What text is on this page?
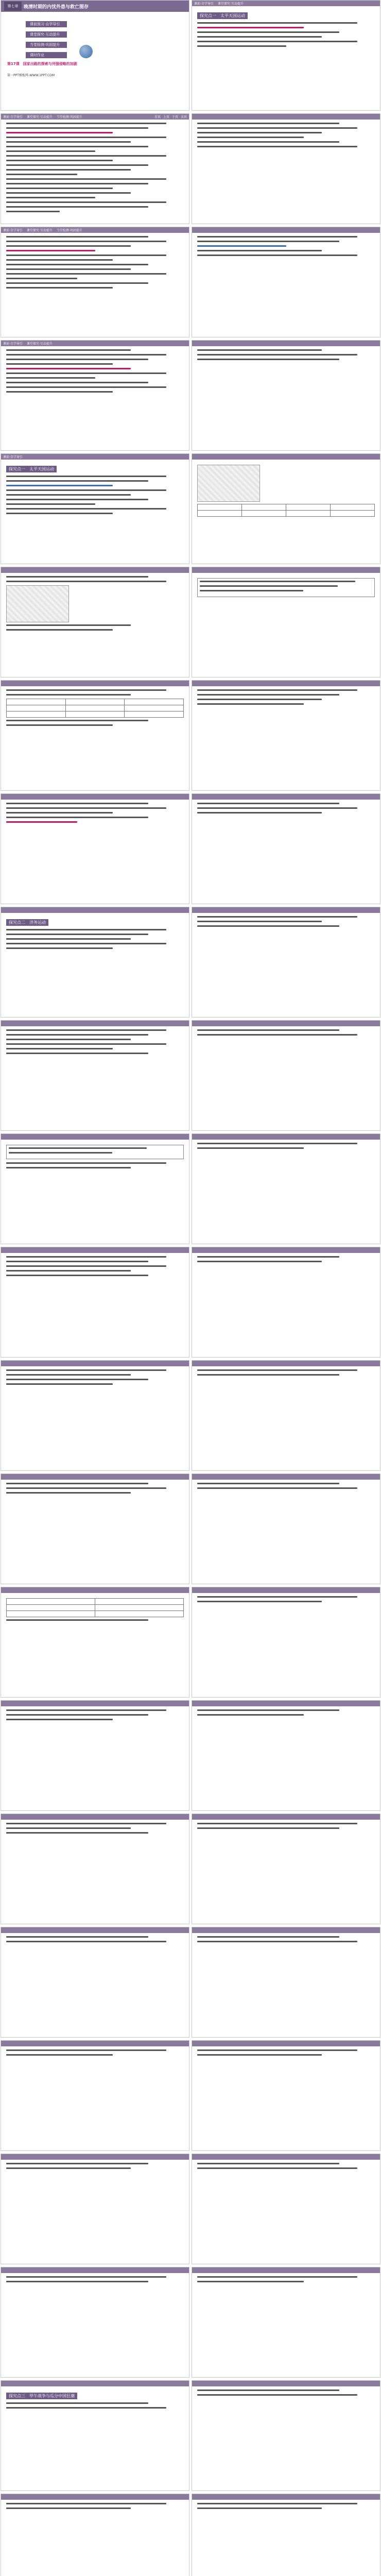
第七章	晚清时期的内忧外患与救亡图存
课前预习·自学导引
课堂探究·互动提升
当堂检测·巩固提升
课时作业
第17课　国家出路的探索与列强侵略的加剧
第一PPT模板网-WWW.1PPT.COM
课前·自学导引 课堂探究·互动提升 当堂检测·巩固提升	首页 上页 下页 末页
课前·自学导引 课堂探究·互动提升 当堂检测·巩固提升
课前·自学导引 课堂探究·互动提升
课前·自学导引
探究点一　太平天国运动

探究点二　洋务运动

探究点三　甲午战争与瓜分中国狂潮
课前·自学导引 课堂探究·互动提升
探究点一　太平天国运动
